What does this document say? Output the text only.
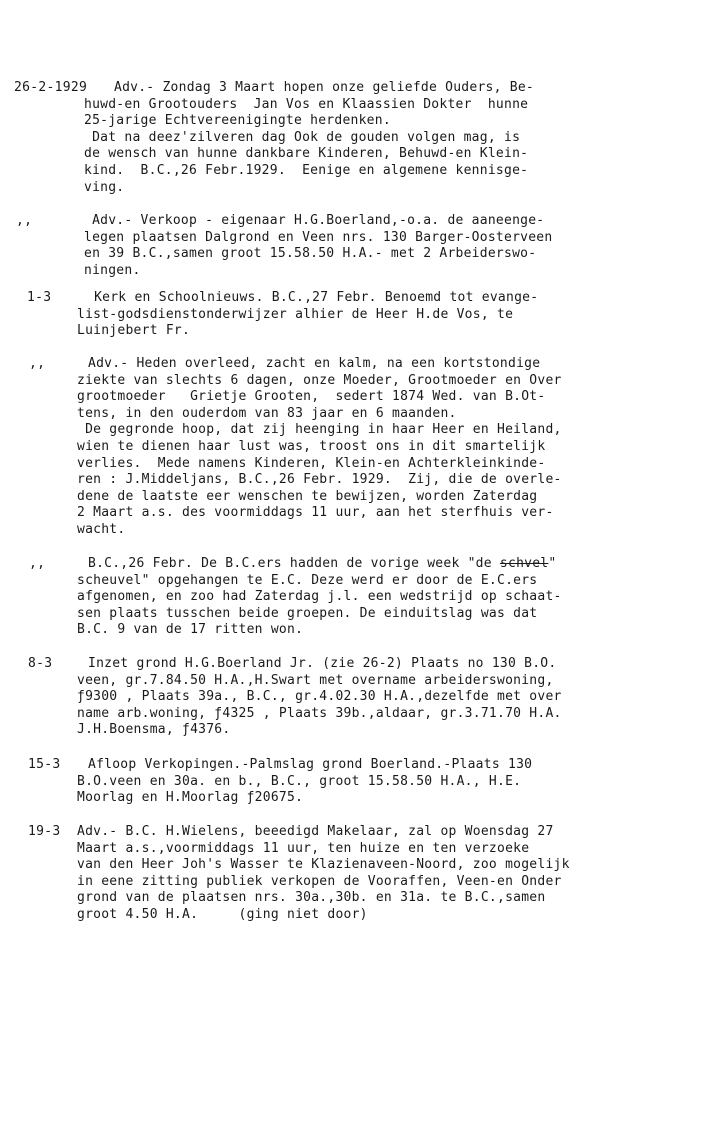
26-2-1929 Adv.- Zondag 3 Maart hopen onze geliefde Ouders, Be-
huwd-en Grootouders  Jan Vos en Klaassien Dokter  hunne
25-jarige Echtvereenigingte herdenken.
Dat na deez'zilveren dag Ook de gouden volgen mag, is
de wensch van hunne dankbare Kinderen, Behuwd-en Klein-
kind.  B.C.,26 Febr.1929.  Eenige en algemene kennisge-
ving.
,,	Adv.- Verkoop - eigenaar H.G.Boerland,-o.a. de aaneenge-
legen plaatsen Dalgrond en Veen nrs. 130 Barger-Oosterveen
en 39 B.C.,samen groot 15.58.50 H.A.- met 2 Arbeiderswo-
ningen.
1-3	Kerk en Schoolnieuws. B.C.,27 Febr. Benoemd tot evange-
list-godsdienstonderwijzer alhier de Heer H.de Vos, te
Luinjebert Fr.
,,	Adv.- Heden overleed, zacht en kalm, na een kortstondige
ziekte van slechts 6 dagen, onze Moeder, Grootmoeder en Over
grootmoeder   Grietje Grooten,  sedert 1874 Wed. van B.Ot-
tens, in den ouderdom van 83 jaar en 6 maanden.
De gegronde hoop, dat zij heenging in haar Heer en Heiland,
wien te dienen haar lust was, troost ons in dit smartelijk
verlies.  Mede namens Kinderen, Klein-en Achterkleinkinde-
ren : J.Middeljans, B.C.,26 Febr. 1929.  Zij, die de overle-
dene de laatste eer wenschen te bewijzen, worden Zaterdag
2 Maart a.s. des voormiddags 11 uur, aan het sterfhuis ver-
wacht.
,,	B.C.,26 Febr. De B.C.ers hadden de vorige week "de schvel"
scheuvel" opgehangen te E.C. Deze werd er door de E.C.ers
afgenomen, en zoo had Zaterdag j.l. een wedstrijd op schaat-
sen plaats tusschen beide groepen. De einduitslag was dat
B.C. 9 van de 17 ritten won.
8-3	Inzet grond H.G.Boerland Jr. (zie 26-2) Plaats no 130 B.O.
veen, gr.7.84.50 H.A.,H.Swart met overname arbeiderswoning,
ƒ9300 , Plaats 39a., B.C., gr.4.02.30 H.A.,dezelfde met over
name arb.woning, ƒ4325 , Plaats 39b.,aldaar, gr.3.71.70 H.A.
J.H.Boensma, ƒ4376.
15-3 Afloop Verkopingen.-Palmslag grond Boerland.-Plaats 130
B.O.veen en 30a. en b., B.C., groot 15.58.50 H.A., H.E.
Moorlag en H.Moorlag ƒ20675.
19-3 Adv.- B.C. H.Wielens, beeedigd Makelaar, zal op Woensdag 27
Maart a.s.,voormiddags 11 uur, ten huize en ten verzoeke
van den Heer Joh's Wasser te Klazienaveen-Noord, zoo mogelijk
in eene zitting publiek verkopen de Vooraffen, Veen-en Onder
grond van de plaatsen nrs. 30a.,30b. en 31a. te B.C.,samen
groot 4.50 H.A.     (ging niet door)
